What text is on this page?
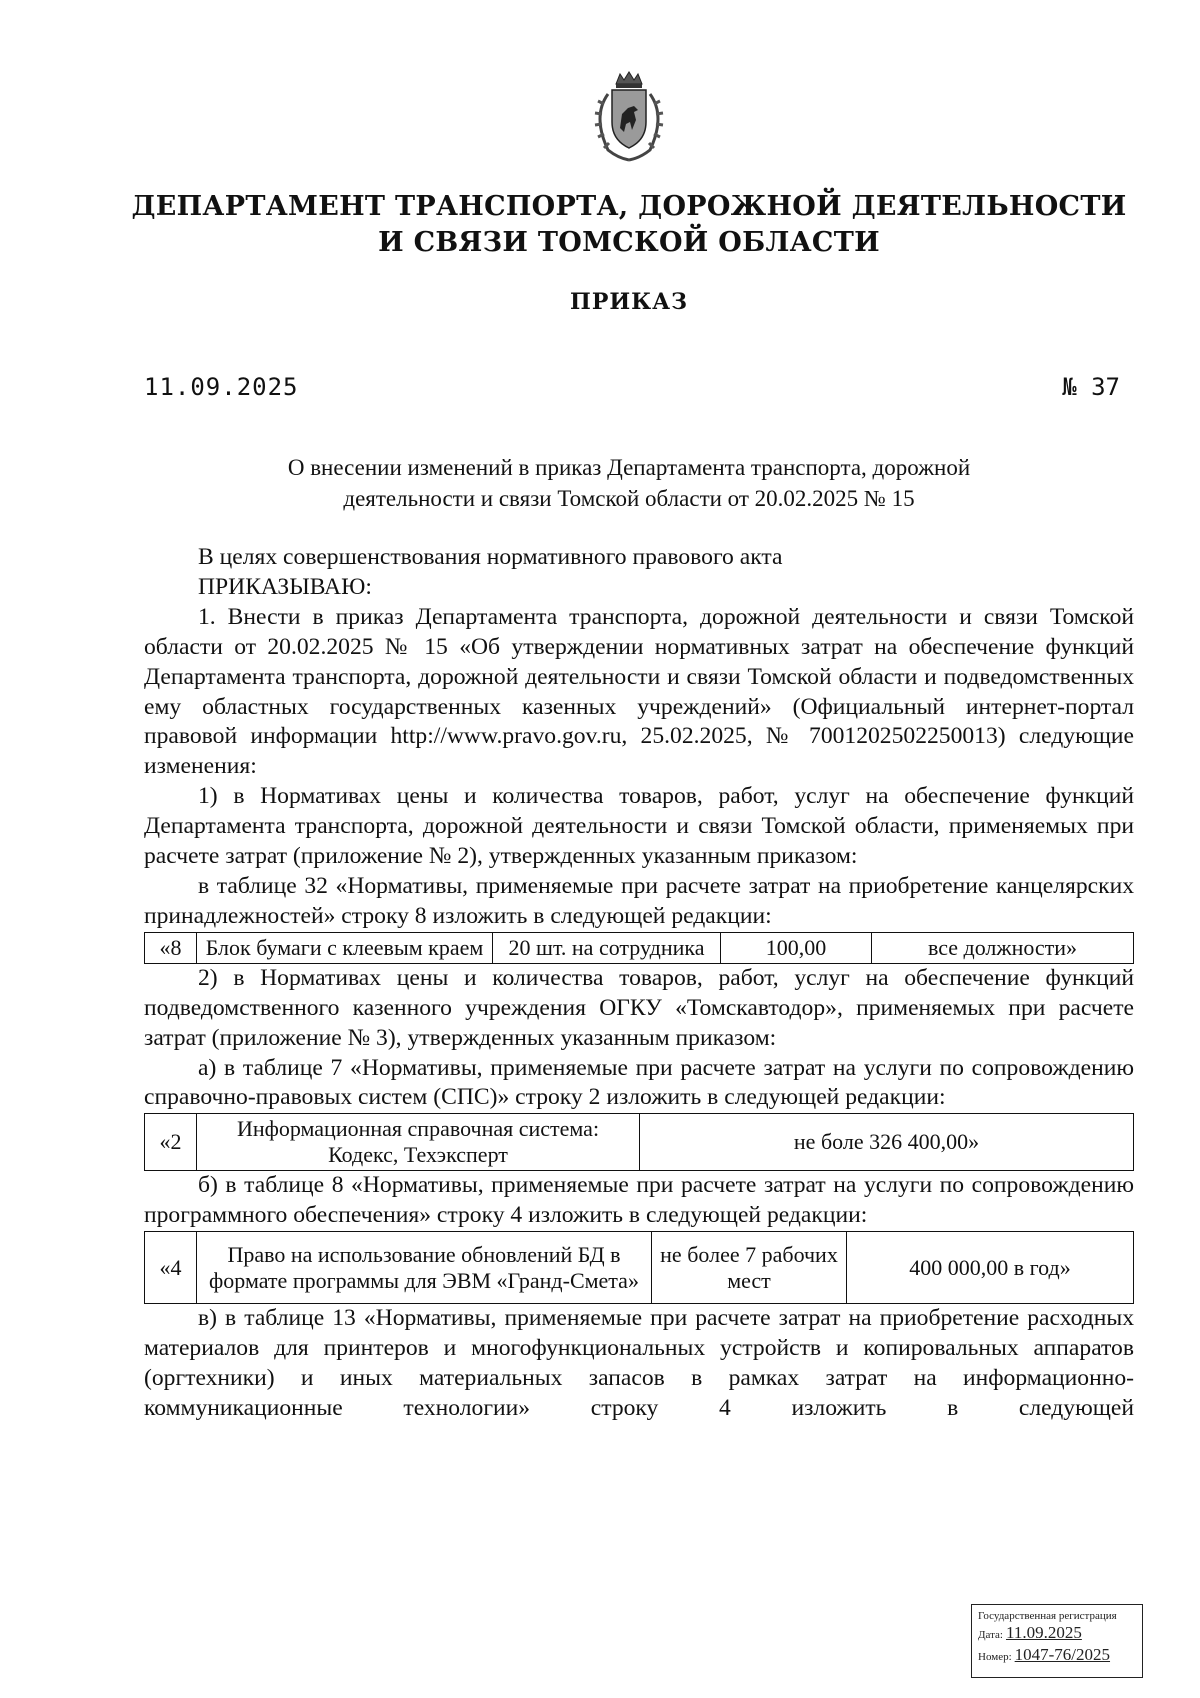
ДЕПАРТАМЕНТ ТРАНСПОРТА, ДОРОЖНОЙ ДЕЯТЕЛЬНОСТИ
И СВЯЗИ ТОМСКОЙ ОБЛАСТИ
ПРИКАЗ
11.09.2025	№ 37
О внесении изменений в приказ Департамента транспорта, дорожной
деятельности и связи Томской области от 20.02.2025 № 15

В целях совершенствования нормативного правового акта

ПРИКАЗЫВАЮ:

1. Внести в приказ Департамента транспорта, дорожной деятельности и связи Томской области от 20.02.2025 № 15 «Об утверждении нормативных затрат на обеспечение функций Департамента транспорта, дорожной деятельности и связи Томской области и подведомственных ему областных государственных казенных учреждений» (Официальный интернет-портал правовой информации http://www.pravo.gov.ru, 25.02.2025, № 7001202502250013) следующие изменения:

1) в Нормативах цены и количества товаров, работ, услуг на обеспечение функций Департамента транспорта, дорожной деятельности и связи Томской области, применяемых при расчете затрат (приложение № 2), утвержденных указанным приказом:

в таблице 32 «Нормативы, применяемые при расчете затрат на приобретение канцелярских принадлежностей» строку 8 изложить в следующей редакции:

«8	Блок бумаги с клеевым краем	20 шт. на сотрудника	100,00	все должности»

2) в Нормативах цены и количества товаров, работ, услуг на обеспечение функций подведомственного казенного учреждения ОГКУ «Томскавтодор», применяемых при расчете затрат (приложение № 3), утвержденных указанным приказом:

а) в таблице 7 «Нормативы, применяемые при расчете затрат на услуги по сопровождению справочно-правовых систем (СПС)» строку 2 изложить в следующей редакции:

«2	Информационная справочная система: Кодекс, Техэксперт	не боле 326 400,00»

б) в таблице 8 «Нормативы, применяемые при расчете затрат на услуги по сопровождению программного обеспечения» строку 4 изложить в следующей редакции:

«4	Право на использование обновлений БД в формате программы для ЭВМ «Гранд-Смета»	не более 7 рабочих мест	400 000,00 в год»

в) в таблице 13 «Нормативы, применяемые при расчете затрат на приобретение расходных материалов для принтеров и многофункциональных устройств и копировальных аппаратов (оргтехники) и иных материальных запасов в рамках затрат на информационно-коммуникационные технологии» строку 4 изложить в следующей

Государственная регистрация
Дата: 11.09.2025
Номер: 1047-76/2025
